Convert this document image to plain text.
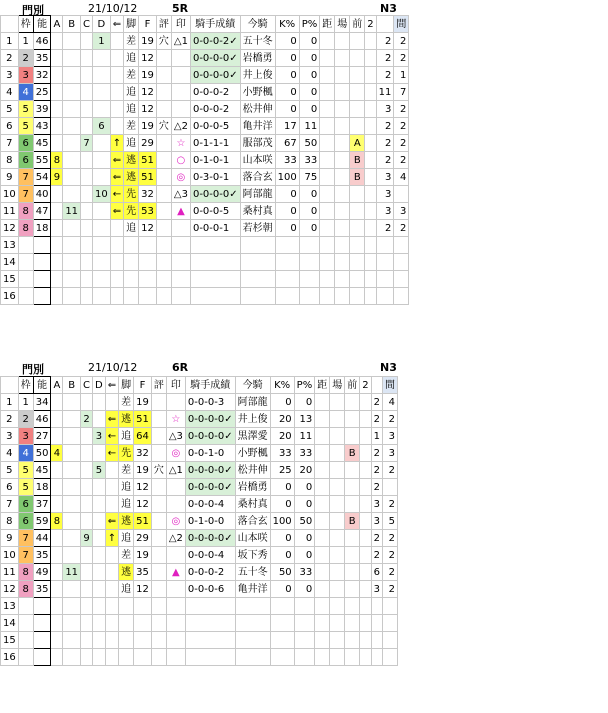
門別	21/10/12	5R	N3
	枠	能	A	B	C	D	⇐	脚	F	評	印	騎手成績	今騎	K%	P%	距	場	前	2		間
1	1	46				1		差	19	穴	△1	0-0-0-2✓	五十冬	0	0					2	2
2	2	35						追	12			0-0-0-0✓	岩橋勇	0	0					2	2
3	3	32						差	19			0-0-0-0✓	井上俊	0	0					2	1
4	4	25						追	12			0-0-0-2	小野楓	0	0					11	7
5	5	39						追	12			0-0-0-2	松井伸	0	0					3	2
6	5	43				6		差	19	穴	△2	0-0-0-5	亀井洋	17	11					2	2
7	6	45			7		↑	追	29		☆	0-1-1-1	服部茂	67	50			A		2	2
8	6	55	8				⇐	逃	51		○	0-1-0-1	山本咲	33	33			B		2	2
9	7	54	9				⇐	逃	51		◎	0-3-0-1	落合玄	100	75			B		3	4
10	7	40				10	←	先	32		△3	0-0-0-0✓	阿部龍	0	0					3	
11	8	47		11			⇐	先	53		▲	0-0-0-5	桑村真	0	0					3	3
12	8	18						追	12			0-0-0-1	若杉朝	0	0					2	2
13																					
14																					
15																					
16																					
門別	21/10/12	6R	N3
	枠	能	A	B	C	D	⇐	脚	F	評	印	騎手成績	今騎	K%	P%	距	場	前	2		間
1	1	34						差	19			0-0-0-3	阿部龍	0	0					2	4
2	2	46			2		⇐	逃	51		☆	0-0-0-0✓	井上俊	20	13					2	2
3	3	27				3	←	追	64		△3	0-0-0-0✓	黒澤愛	20	11					1	3
4	4	50	4				←	先	32		◎	0-0-1-0	小野楓	33	33			B		2	3
5	5	45				5		差	19	穴	△1	0-0-0-0✓	松井伸	25	20					2	2
6	5	18						追	12			0-0-0-0✓	岩橋勇	0	0					2	
7	6	37						追	12			0-0-0-4	桑村真	0	0					3	2
8	6	59	8				⇐	逃	51		◎	0-1-0-0	落合玄	100	50			B		3	5
9	7	44			9		↑	追	29		△2	0-0-0-0✓	山本咲	0	0					2	2
10	7	35						差	19			0-0-0-4	坂下秀	0	0					2	2
11	8	49		11				逃	35		▲	0-0-0-2	五十冬	50	33					6	2
12	8	35						追	12			0-0-0-6	亀井洋	0	0					3	2
13																					
14																					
15																					
16																					
